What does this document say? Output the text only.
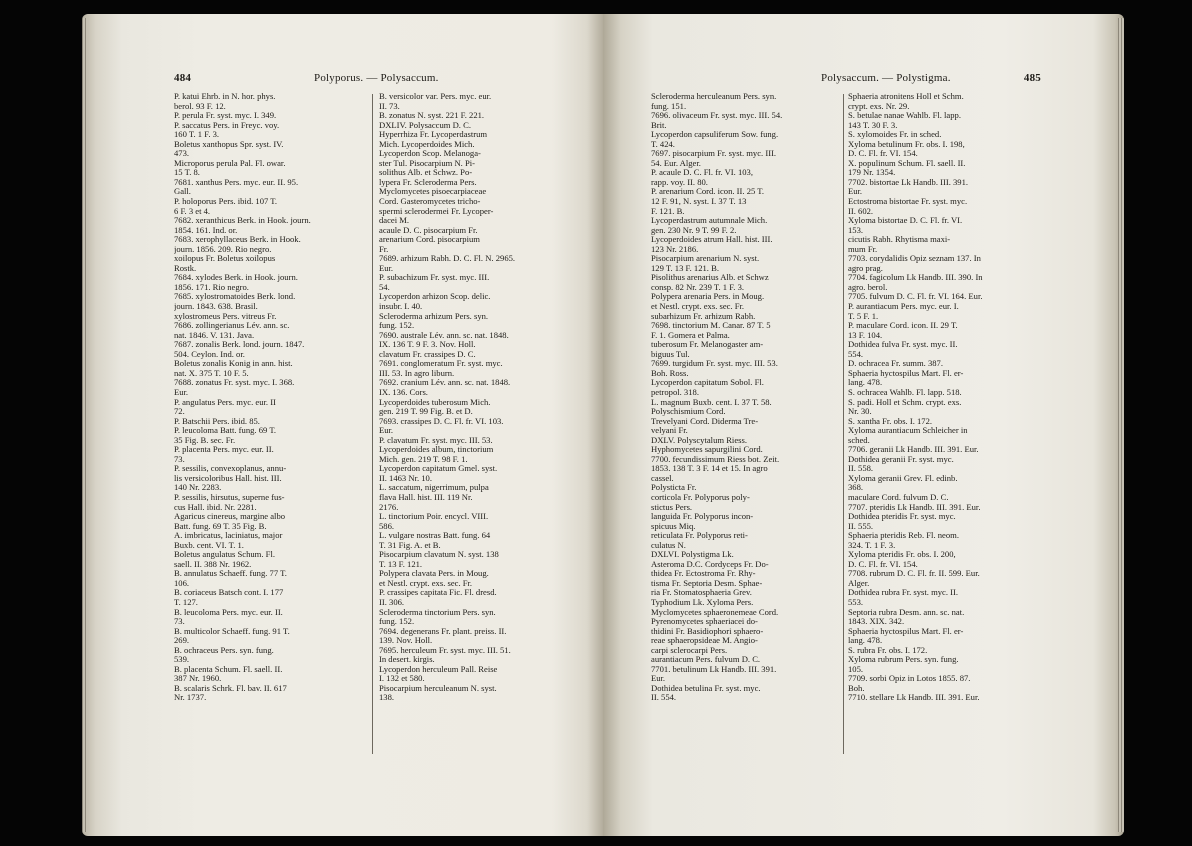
484	Polyporus. — Polysaccum.
P. katui Ehrb. in N. hor. phys.
berol. 93 F. 12.
P. perula Fr. syst. myc. I. 349.
P. saccatus Pers. in Freyc. voy.
160 T. 1 F. 3.
Boletus xanthopus Spr. syst. IV.
473.
Microporus perula Pal. Fl. owar.
15 T. 8.
7681. xanthus Pers. myc. eur. II. 95.
Gall.
P. holoporus Pers. ibid. 107 T.
6 F. 3 et 4.
7682. xeranthicus Berk. in Hook. journ.
1854. 161. Ind. or.
7683. xerophyllaceus Berk. in Hook.
journ. 1856. 209. Rio negro.
xoilopus Fr. Boletus xoilopus
Rostk.
7684. xylodes Berk. in Hook. journ.
1856. 171. Rio negro.
7685. xylostromatoides Berk. lond.
journ. 1843. 638. Brasil.
xylostromeus Pers. vitreus Fr.
7686. zollingerianus Lév. ann. sc.
nat. 1846. V. 131. Java.
7687. zonalis Berk. lond. journ. 1847.
504. Ceylon. Ind. or.
Boletus zonalis Konig in ann. hist.
nat. X. 375 T. 10 F. 5.
7688. zonatus Fr. syst. myc. I. 368.
Eur.
P. angulatus Pers. myc. eur. II
72.
P. Batschii Pers. ibid. 85.
P. leucoloma Batt. fung. 69 T.
35 Fig. B. sec. Fr.
P. placenta Pers. myc. eur. II.
73.
P. sessilis, convexoplanus, annu-
lis versicoloribus Hall. hist. III.
140 Nr. 2283.
P. sessilis, hirsutus, superne fus-
cus Hall. ibid. Nr. 2281.
Agaricus cinereus, margine albo
Batt. fung. 69 T. 35 Fig. B.
A. imbricatus, laciniatus, major
Buxb. cent. VI. T. 1.
Boletus angulatus Schum. Fl.
saell. II. 388 Nr. 1962.
B. annulatus Schaeff. fung. 77 T.
106.
B. coriaceus Batsch cont. I. 177
T. 127.
B. leucoloma Pers. myc. eur. II.
73.
B. multicolor Schaeff. fung. 91 T.
269.
B. ochraceus Pers. syn. fung.
539.
B. placenta Schum. Fl. saell. II.
387 Nr. 1960.
B. scalaris Schrk. Fl. bav. II. 617
Nr. 1737.
B. versicolor var. Pers. myc. eur.
II. 73.
B. zonatus N. syst. 221 F. 221.
DXLIV. Polysaccum D. C.
Hyperrhiza Fr. Lycoperdastrum
Mich. Lycoperdoides Mich.
Lycoperdon Scop. Melanoga-
ster Tul. Pisocarpium N. Pi-
solithus Alb. et Schwz. Po-
lypera Fr. Scleroderma Pers.
Myclomycetes pisoecarpiaceae
Cord. Gasteromycetes tricho-
spermi sclerodermei Fr. Lycoper-
dacei M.
acaule D. C. pisocarpium Fr.
arenarium Cord. pisocarpium
Fr.
7689. arhizum Rabh. D. C. Fl. N. 2965.
Eur.
P. subachizum Fr. syst. myc. III.
54.
Lycoperdon arhizon Scop. delic.
insubr. I. 40.
Scleroderma arhizum Pers. syn.
fung. 152.
7690. australe Lév. ann. sc. nat. 1848.
IX. 136 T. 9 F. 3. Nov. Holl.
clavatum Fr. crassipes D. C.
7691. conglomeratum Fr. syst. myc.
III. 53. In agro liburn.
7692. cranium Lév. ann. sc. nat. 1848.
IX. 136. Cors.
Lycoperdoides tuberosum Mich.
gen. 219 T. 99 Fig. B. et D.
7693. crassipes D. C. Fl. fr. VI. 103.
Eur.
P. clavatum Fr. syst. myc. III. 53.
Lycoperdoides album, tinctorium
Mich. gen. 219 T. 98 F. 1.
Lycoperdon capitatum Gmel. syst.
II. 1463 Nr. 10.
L. saccatum, nigerrimum, pulpa
flava Hall. hist. III. 119 Nr.
2176.
L. tinctorium Poir. encycl. VIII.
586.
L. vulgare nostras Batt. fung. 64
T. 31 Fig. A. et B.
Pisocarpium clavatum N. syst. 138
T. 13 F. 121.
Polypera clavata Pers. in Moug.
et Nestl. crypt. exs. sec. Fr.
P. crassipes capitata Fic. Fl. dresd.
II. 306.
Scleroderma tinctorium Pers. syn.
fung. 152.
7694. degenerans Fr. plant. preiss. II.
139. Nov. Holl.
7695. herculeum Fr. syst. myc. III. 51.
In desert. kirgis.
Lycoperdon herculeum Pall. Reise
I. 132 et 580.
Pisocarpium herculeanum N. syst.
138.
Polysaccum. — Polystigma.	485
Scleroderma herculeanum Pers. syn.
fung. 151.
7696. olivaceum Fr. syst. myc. III. 54.
Brit.
Lycoperdon capsuliferum Sow. fung.
T. 424.
7697. pisocarpium Fr. syst. myc. III.
54. Eur. Alger.
P. acaule D. C. Fl. fr. VI. 103,
rapp. voy. II. 80.
P. arenarium Cord. icon. II. 25 T.
12 F. 91, N. syst. I. 37 T. 13
F. 121. B.
Lycoperdastrum autumnale Mich.
gen. 230 Nr. 9 T. 99 F. 2.
Lycoperdoides atrum Hall. hist. III.
123 Nr. 2186.
Pisocarpium arenarium N. syst.
129 T. 13 F. 121. B.
Pisolithus arenarius Alb. et Schwz
consp. 82 Nr. 239 T. 1 F. 3.
Polypera arenaria Pers. in Moug.
et Nestl. crypt. exs. sec. Fr.
subarhizum Fr. arhizum Rabh.
7698. tinctorium M. Canar. 87 T. 5
F. 1. Gomera et Palma.
tuberosum Fr. Melanogaster am-
biguus Tul.
7699. turgidum Fr. syst. myc. III. 53.
Boh. Ross.
Lycoperdon capitatum Sobol. Fl.
petropol. 318.
L. magnum Buxb. cent. I. 37 T. 58.
Polyschismium Cord.
Trevelyani Cord. Diderma Tre-
velyani Fr.
DXLV. Polyscytalum Riess.
Hyphomycetes sapurgilini Cord.
7700. fecundissimum Riess bot. Zeit.
1853. 138 T. 3 F. 14 et 15. In agro
cassel.
Polysticta Fr.
corticola Fr. Polyporus poly-
stictus Pers.
languida Fr. Polyporus incon-
spicuus Miq.
reticulata Fr. Polyporus reti-
culatus N.
DXLVI. Polystigma Lk.
Asteroma D.C. Cordyceps Fr. Do-
thidea Fr. Ectostroma Fr. Rhy-
tisma Fr. Septoria Desm. Sphae-
ria Fr. Stomatosphaeria Grev.
Typhodium Lk. Xyloma Pers.
Myclomycetes sphaeronemeae Cord.
Pyrenomycetes sphaeriacei do-
thidini Fr. Basidiophori sphaero-
reae sphaeropsideae M. Angio-
carpi sclerocarpi Pers.
aurantiacum Pers. fulvum D. C.
7701. betulinum Lk Handb. III. 391.
Eur.
Dothidea betulina Fr. syst. myc.
II. 554.
Sphaeria atronitens Holl et Schm.
crypt. exs. Nr. 29.
S. betulae nanae Wahlb. Fl. lapp.
143 T. 30 F. 3.
S. xylomoides Fr. in sched.
Xyloma betulinum Fr. obs. I. 198,
D. C. Fl. fr. VI. 154.
X. populinum Schum. Fl. saell. II.
179 Nr. 1354.
7702. bistortae Lk Handb. III. 391.
Eur.
Ectostroma bistortae Fr. syst. myc.
II. 602.
Xyloma bistortae D. C. Fl. fr. VI.
153.
cicutis Rabh. Rhytisma maxi-
mum Fr.
7703. corydalidis Opiz seznam 137. In
agro prag.
7704. fagicolum Lk Handb. III. 390. In
agro. berol.
7705. fulvum D. C. Fl. fr. VI. 164. Eur.
P. aurantiacum Pers. myc. eur. I.
T. 5 F. 1.
P. maculare Cord. icon. II. 29 T.
13 F. 104.
Dothidea fulva Fr. syst. myc. II.
554.
D. ochracea Fr. summ. 387.
Sphaeria hyctospilus Mart. Fl. er-
lang. 478.
S. ochracea Wahlb. Fl. lapp. 518.
S. padi. Holl et Schm. crypt. exs.
Nr. 30.
S. xantha Fr. obs. I. 172.
Xyloma aurantiacum Schleicher in
sched.
7706. geranii Lk Handb. III. 391. Eur.
Dothidea geranii Fr. syst. myc.
II. 558.
Xyloma geranii Grev. Fl. edinb.
368.
maculare Cord. fulvum D. C.
7707. pteridis Lk Handb. III. 391. Eur.
Dothidea pteridis Fr. syst. myc.
II. 555.
Sphaeria pteridis Reb. Fl. neom.
324. T. 1 F. 3.
Xyloma pteridis Fr. obs. I. 200,
D. C. Fl. fr. VI. 154.
7708. rubrum D. C. Fl. fr. II. 599. Eur.
Alger.
Dothidea rubra Fr. syst. myc. II.
553.
Septoria rubra Desm. ann. sc. nat.
1843. XIX. 342.
Sphaeria hyctospilus Mart. Fl. er-
lang. 478.
S. rubra Fr. obs. I. 172.
Xyloma rubrum Pers. syn. fung.
105.
7709. sorbi Opiz in Lotos 1855. 87.
Boh.
7710. stellare Lk Handb. III. 391. Eur.
